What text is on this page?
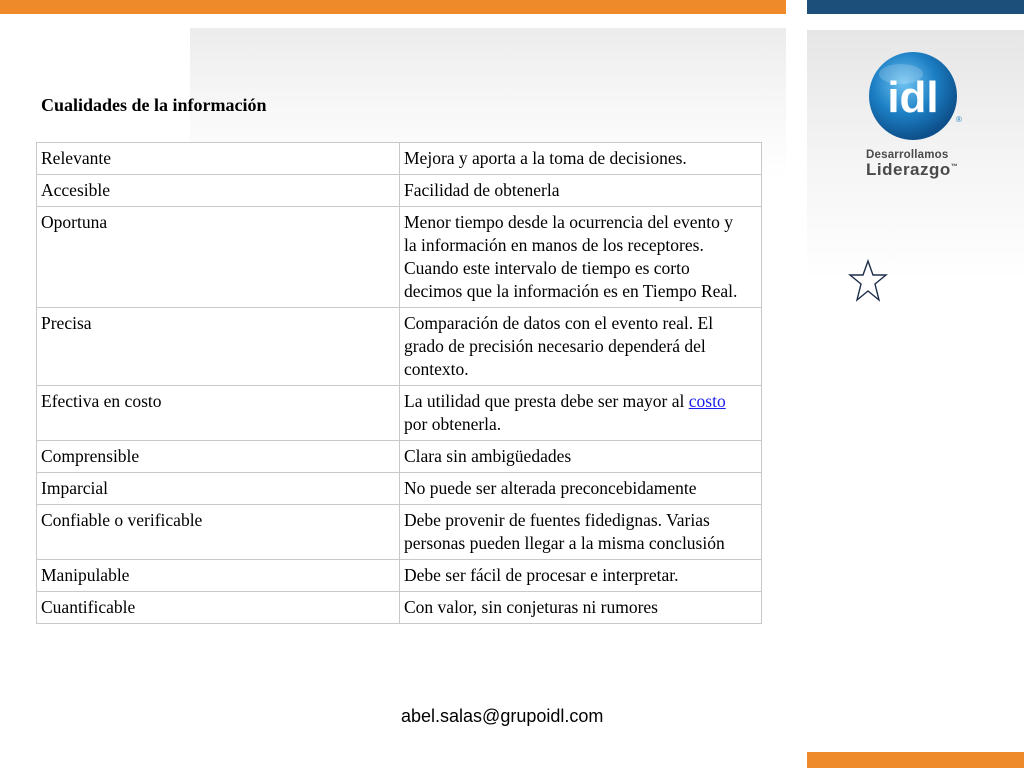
Cualidades de la información
Relevante	Mejora y aporta a la toma de decisiones.
Accesible	Facilidad de obtenerla
Oportuna	Menor tiempo desde la ocurrencia del evento y la información en manos de los receptores. Cuando este intervalo de tiempo es corto decimos que la información es en Tiempo Real.
Precisa	Comparación de datos con el evento real. El grado de precisión necesario dependerá del contexto.
Efectiva en costo	La utilidad que presta debe ser mayor al costo por obtenerla.
Comprensible	Clara sin ambigüedades
Imparcial	No puede ser alterada preconcebidamente
Confiable o verificable	Debe provenir de fuentes fidedignas. Varias personas pueden llegar a la misma conclusión
Manipulable	Debe ser fácil de procesar e interpretar.
Cuantificable	Con valor, sin conjeturas ni rumores
abel.salas@grupoidl.com
idl ®
Desarrollamos
Liderazgo™
